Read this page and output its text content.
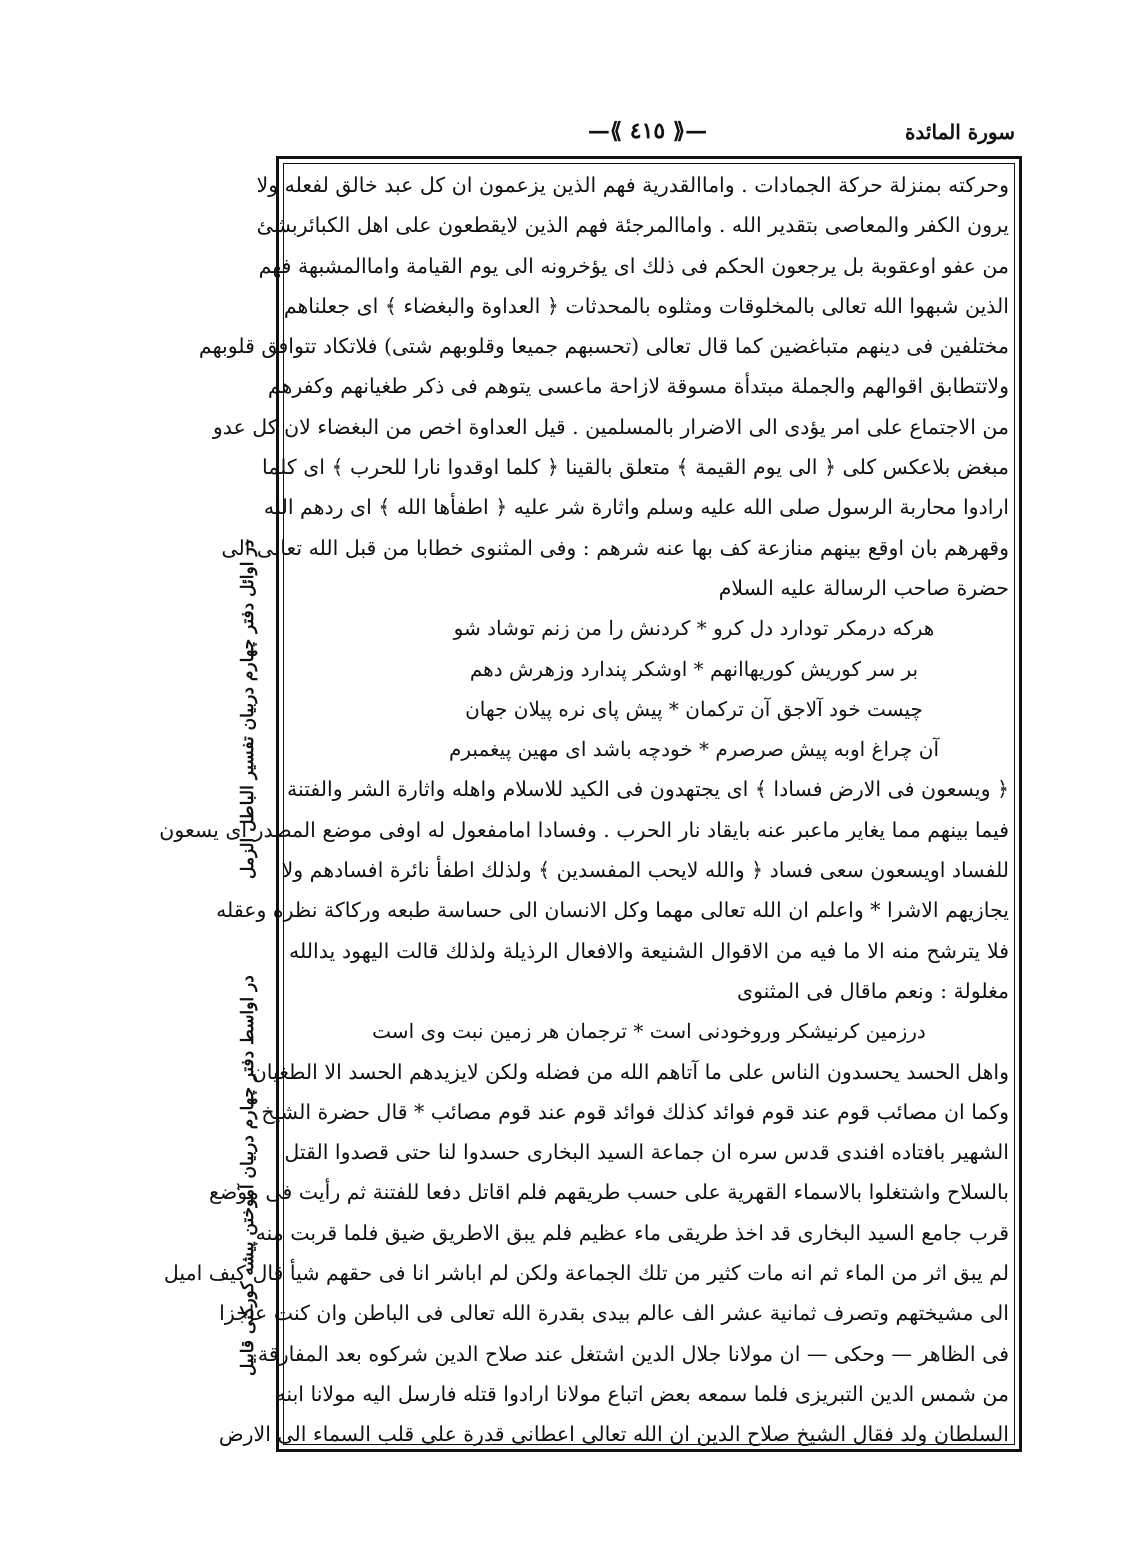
سورة المائدة
—⟪ ٤١٥ ⟫—
در اوائل دفتر چهارم دربيان تفسير الباطل الزمل
در اواسط دفتر چهارم دربيان آموختن پيشه كوركنى قابيل
وحركته بمنزلة حركة الجمادات . واماالقدرية فهم الذين يزعمون ان كل عبد خالق لفعله ولا
يرون الكفر والمعاصى بتقدير الله . واماالمرجئة فهم الذين لايقطعون على اهل الكبائربشئ
من عفو اوعقوبة بل يرجعون الحكم فى ذلك اى يؤخرونه الى يوم القيامة واماالمشبهة فهم
الذين شبهوا الله تعالى بالمخلوقات ومثلوه بالمحدثات ﴿ العداوة والبغضاء ﴾ اى جعلناهم
مختلفين فى دينهم متباغضين كما قال تعالى (تحسبهم جميعا وقلوبهم شتى) فلاتكاد تتوافق قلوبهم
ولاتتطابق اقوالهم والجملة مبتدأة مسوقة لازاحة ماعسى يتوهم فى ذكر طغيانهم وكفرهم
من الاجتماع على امر يؤدى الى الاضرار بالمسلمين . قيل العداوة اخص من البغضاء لان كل عدو
مبغض بلاعكس كلى ﴿ الى يوم القيمة ﴾ متعلق بالقينا ﴿ كلما اوقدوا نارا للحرب ﴾ اى كلما
ارادوا محاربة الرسول صلى الله عليه وسلم واثارة شر عليه ﴿ اطفأها الله ﴾ اى ردهم الله
وقهرهم بان اوقع بينهم منازعة كف بها عنه شرهم : وفى المثنوى خطابا من قبل الله تعالى الى
حضرة صاحب الرسالة عليه السلام
هركه درمكر تودارد دل كرو * كردنش را من زنم توشاد شو
بر سر كوريش كوريهاانهم * اوشكر پندارد وزهرش دهم
چيست خود آلاجق آن تركمان * پيش پاى نره پيلان جهان
آن چراغ اوبه پيش صرصرم * خودچه باشد اى مهين پيغمبرم
﴿ ويسعون فى الارض فسادا ﴾ اى يجتهدون فى الكيد للاسلام واهله واثارة الشر والفتنة
فيما بينهم مما يغاير ماعبر عنه بايقاد نار الحرب . وفسادا امامفعول له اوفى موضع المصدر اى يسعون
للفساد اويسعون سعى فساد ﴿ والله لايحب المفسدين ﴾ ولذلك اطفأ نائرة افسادهم ولا
يجازيهم الاشرا * واعلم ان الله تعالى مهما وكل الانسان الى حساسة طبعه وركاكة نظره وعقله
فلا يترشح منه الا ما فيه من الاقوال الشنيعة والافعال الرذيلة ولذلك قالت اليهود يدالله
مغلولة : ونعم ماقال فى المثنوى
درزمين كرنيشكر وروخودنى است * ترجمان هر زمين نبت وى است
واهل الحسد يحسدون الناس على ما آتاهم الله من فضله ولكن لايزيدهم الحسد الا الطغيان
وكما ان مصائب قوم عند قوم فوائد كذلك فوائد قوم عند قوم مصائب * قال حضرة الشيخ
الشهير بافتاده افندى قدس سره ان جماعة السيد البخارى حسدوا لنا حتى قصدوا القتل
بالسلاح واشتغلوا بالاسماء القهرية على حسب طريقهم فلم اقاتل دفعا للفتنة ثم رأيت فى موضع
قرب جامع السيد البخارى قد اخذ طريقى ماء عظيم فلم يبق الاطريق ضيق فلما قربت منه
لم يبق اثر من الماء ثم انه مات كثير من تلك الجماعة ولكن لم اباشر انا فى حقهم شيأ قال كيف اميل
الى مشيختهم وتصرف ثمانية عشر الف عالم بيدى بقدرة الله تعالى فى الباطن وان كنت عاجزا
فى الظاهر — وحكى — ان مولانا جلال الدين اشتغل عند صلاح الدين شركوه بعد المفارقة
من شمس الدين التبريزى فلما سمعه بعض اتباع مولانا ارادوا قتله فارسل اليه مولانا ابنه
السلطان ولد فقال الشيخ صلاح الدين ان الله تعالى اعطانى قدرة على قلب السماء الى الارض
